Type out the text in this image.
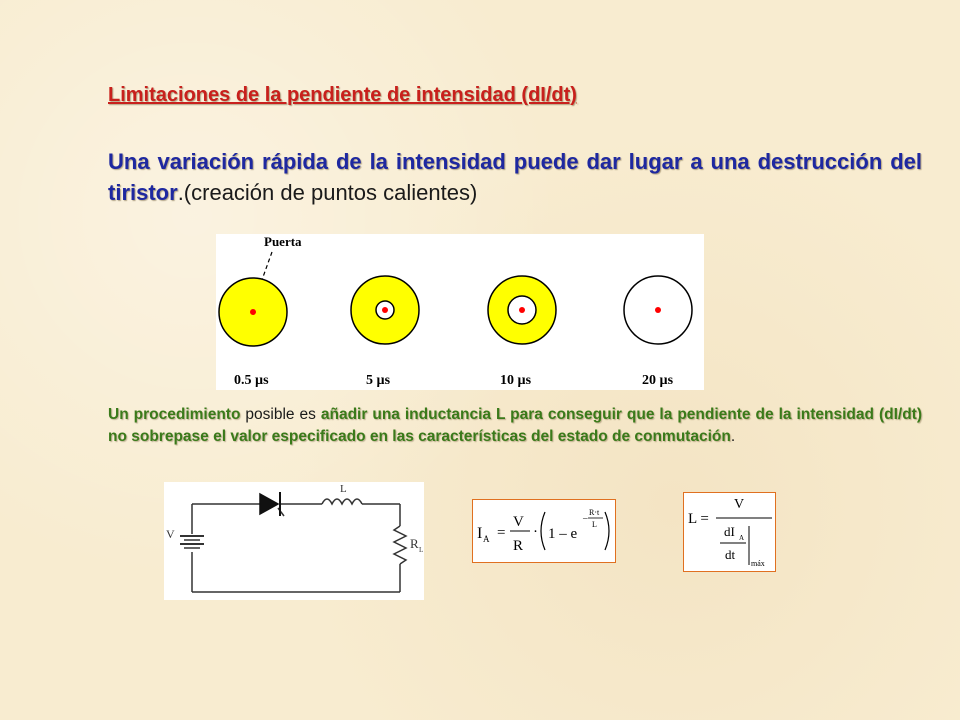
Limitaciones de la pendiente de intensidad (dI/dt)
Una variación rápida de la intensidad puede dar lugar a una destrucción del tiristor.(creación de puntos calientes)
Puerta
0.5 µs	5 µs	10 µs	20 µs
Un procedimiento posible es añadir una inductancia L para conseguir que la pendiente de la intensidad (dI/dt) no sobrepase el valor especificado en las características del estado de conmutación.
V
L
R L
I A =
V
R
· 1 – e
–
R·t
L	L =
V
dI A
dt
máx
